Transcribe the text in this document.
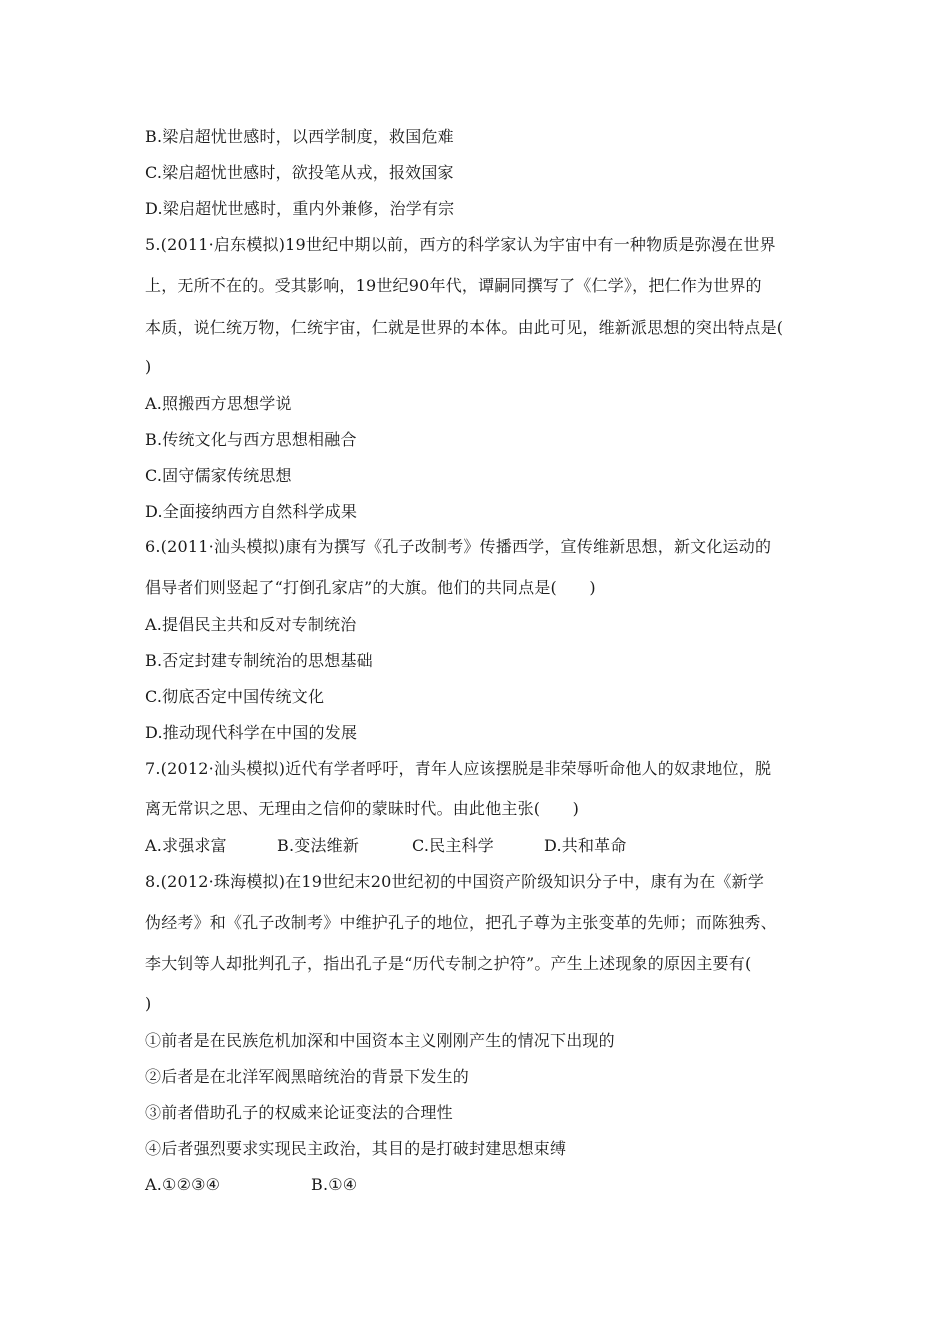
B.梁启超忧世感时，以西学制度，救国危难
C.梁启超忧世感时，欲投笔从戎，报效国家
D.梁启超忧世感时，重内外兼修，治学有宗
5.(2011·启东模拟)19世纪中期以前，西方的科学家认为宇宙中有一种物质是弥漫在世界
上，无所不在的。受其影响，19世纪90年代，谭嗣同撰写了《仁学》，把仁作为世界的
本质，说仁统万物，仁统宇宙，仁就是世界的本体。由此可见，维新派思想的突出特点是(
)
A.照搬西方思想学说
B.传统文化与西方思想相融合
C.固守儒家传统思想
D.全面接纳西方自然科学成果
6.(2011·汕头模拟)康有为撰写《孔子改制考》传播西学，宣传维新思想，新文化运动的
倡导者们则竖起了“打倒孔家店”的大旗。他们的共同点是(　　)
A.提倡民主共和反对专制统治
B.否定封建专制统治的思想基础
C.彻底否定中国传统文化
D.推动现代科学在中国的发展
7.(2012·汕头模拟)近代有学者呼吁，青年人应该摆脱是非荣辱听命他人的奴隶地位，脱
离无常识之思、无理由之信仰的蒙昧时代。由此他主张(　　)
A.求强求富	B.变法维新	C.民主科学	D.共和革命
8.(2012·珠海模拟)在19世纪末20世纪初的中国资产阶级知识分子中，康有为在《新学
伪经考》和《孔子改制考》中维护孔子的地位，把孔子尊为主张变革的先师；而陈独秀、
李大钊等人却批判孔子，指出孔子是“历代专制之护符”。产生上述现象的原因主要有(
)
①前者是在民族危机加深和中国资本主义刚刚产生的情况下出现的
②后者是在北洋军阀黑暗统治的背景下发生的
③前者借助孔子的权威来论证变法的合理性
④后者强烈要求实现民主政治，其目的是打破封建思想束缚
A.①②③④	B.①④
